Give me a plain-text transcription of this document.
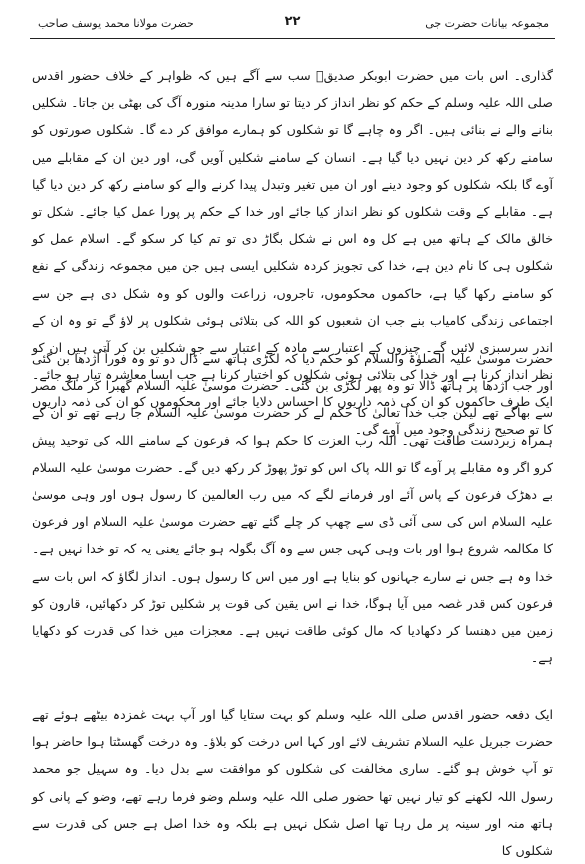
مجموعہ بیانات حضرت جی
۲۲
حضرت مولانا محمد یوسف صاحب

گذاری۔ اس بات میں حضرت ابوبکر صدیقؓ سب سے آگے ہیں کہ ظواہر کے خلاف حضور اقدس صلی اللہ علیہ وسلم کے حکم کو نظر انداز کر دیتا تو سارا مدینہ منورہ آگ کی بھٹی بن جاتا۔ شکلیں بنانے والے نے بنائی ہیں۔ اگر وہ چاہے گا تو شکلوں کو ہمارے موافق کر دے گا۔ شکلوں صورتوں کو سامنے رکھ کر دین نہیں دیا گیا ہے۔ انسان کے سامنے شکلیں آویں گی، اور دین ان کے مقابلے میں آوے گا بلکہ شکلوں کو وجود دینے اور ان میں تغیر وتبدل پیدا کرنے والے کو سامنے رکھ کر دین دیا گیا ہے۔ مقابلے کے وقت شکلوں کو نظر انداز کیا جائے اور خدا کے حکم پر پورا عمل کیا جائے۔ شکل تو خالق مالک کے ہاتھ میں ہے کل وہ اس نے شکل بگاڑ دی تو تم کیا کر سکو گے۔ اسلام عمل کو شکلوں ہی کا نام دین ہے، خدا کی تجویز کردہ شکلیں ایسی ہیں جن میں مجموعہ زندگی کے نفع کو سامنے رکھا گیا ہے، حاکموں محکوموں، تاجروں، زراعت والوں کو وہ شکل دی ہے جن سے اجتماعی زندگی کامیاب بنے جب ان شعبوں کو اللہ کی بتلائی ہوئی شکلوں پر لاؤ گے تو وہ ان کے اندر سرسبزی لائیں گے۔ چیزوں کے اعتبار سے مادہ کے اعتبار سے جو شکلیں بن کر آتی ہیں ان کو نظر انداز کرنا ہے اور خدا کی بتلائی ہوئی شکلوں کو اختیار کرنا ہے جب ایسا معاشرہ تیار ہو جائے۔ ایک طرف حاکموں کو ان کی ذمہ داریوں کا احساس دلایا جائے اور محکوموں کو ان کی ذمہ داریوں کا تو صحیح زندگی وجود میں آوے گی۔

حضرت موسیٰ علیہ الصلوٰۃ والسلام کو حکم دیا کہ لکڑی ہاتھ سے ڈال دو تو وہ فوراً اژدھا بن گئی اور جب اژدھا پر ہاتھ ڈالا تو وہ پھر لکڑی بن گئی۔ حضرت موسیٰ علیہ السلام گھبرا کر ملک مصر سے بھاگے تھے لیکن جب خدا تعالیٰ کا حکم لے کر حضرت موسیٰ علیہ السلام جا رہے تھے تو ان کے ہمراہ زبردست طاقت تھی۔ اللہ رب العزت کا حکم ہوا کہ فرعون کے سامنے اللہ کی توحید پیش کرو اگر وہ مقابلے پر آوے گا تو اللہ پاک اس کو توڑ پھوڑ کر رکھ دیں گے۔ حضرت موسیٰ علیہ السلام بے دھڑک فرعون کے پاس آئے اور فرمانے لگے کہ میں رب العالمین کا رسول ہوں اور وہی موسیٰ علیہ السلام اس کی سی آئی ڈی سے چھپ کر چلے گئے تھے حضرت موسیٰ علیہ السلام اور فرعون کا مکالمہ شروع ہوا اور بات وہی کہی جس سے وہ آگ بگولہ ہو جائے یعنی یہ کہ تو خدا نہیں ہے۔ خدا وہ ہے جس نے سارے جہانوں کو بنایا ہے اور میں اس کا رسول ہوں۔ انداز لگاؤ کہ اس بات سے فرعون کس قدر غصہ میں آیا ہوگا، خدا نے اس یقین کی قوت پر شکلیں توڑ کر دکھائیں، قارون کو زمین میں دھنسا کر دکھادیا کہ مال کوئی طاقت نہیں ہے۔ معجزات میں خدا کی قدرت کو دکھایا ہے۔

ایک دفعہ حضور اقدس صلی اللہ علیہ وسلم کو بہت ستایا گیا اور آپ بہت غمزدہ بیٹھے ہوئے تھے حضرت جبریل علیہ السلام تشریف لائے اور کہا اس درخت کو بلاؤ۔ وہ درخت گھسٹتا ہوا حاضر ہوا تو آپ خوش ہو گئے۔ ساری مخالفت کی شکلوں کو موافقت سے بدل دیا۔ وہ سہیل جو محمد رسول اللہ لکھنے کو تیار نہیں تھا حضور صلی اللہ علیہ وسلم وضو فرما رہے تھے، وضو کے پانی کو ہاتھ منہ اور سینہ پر مل رہا تھا اصل شکل نہیں ہے بلکہ وہ خدا اصل ہے جس کی قدرت سے شکلوں کا
